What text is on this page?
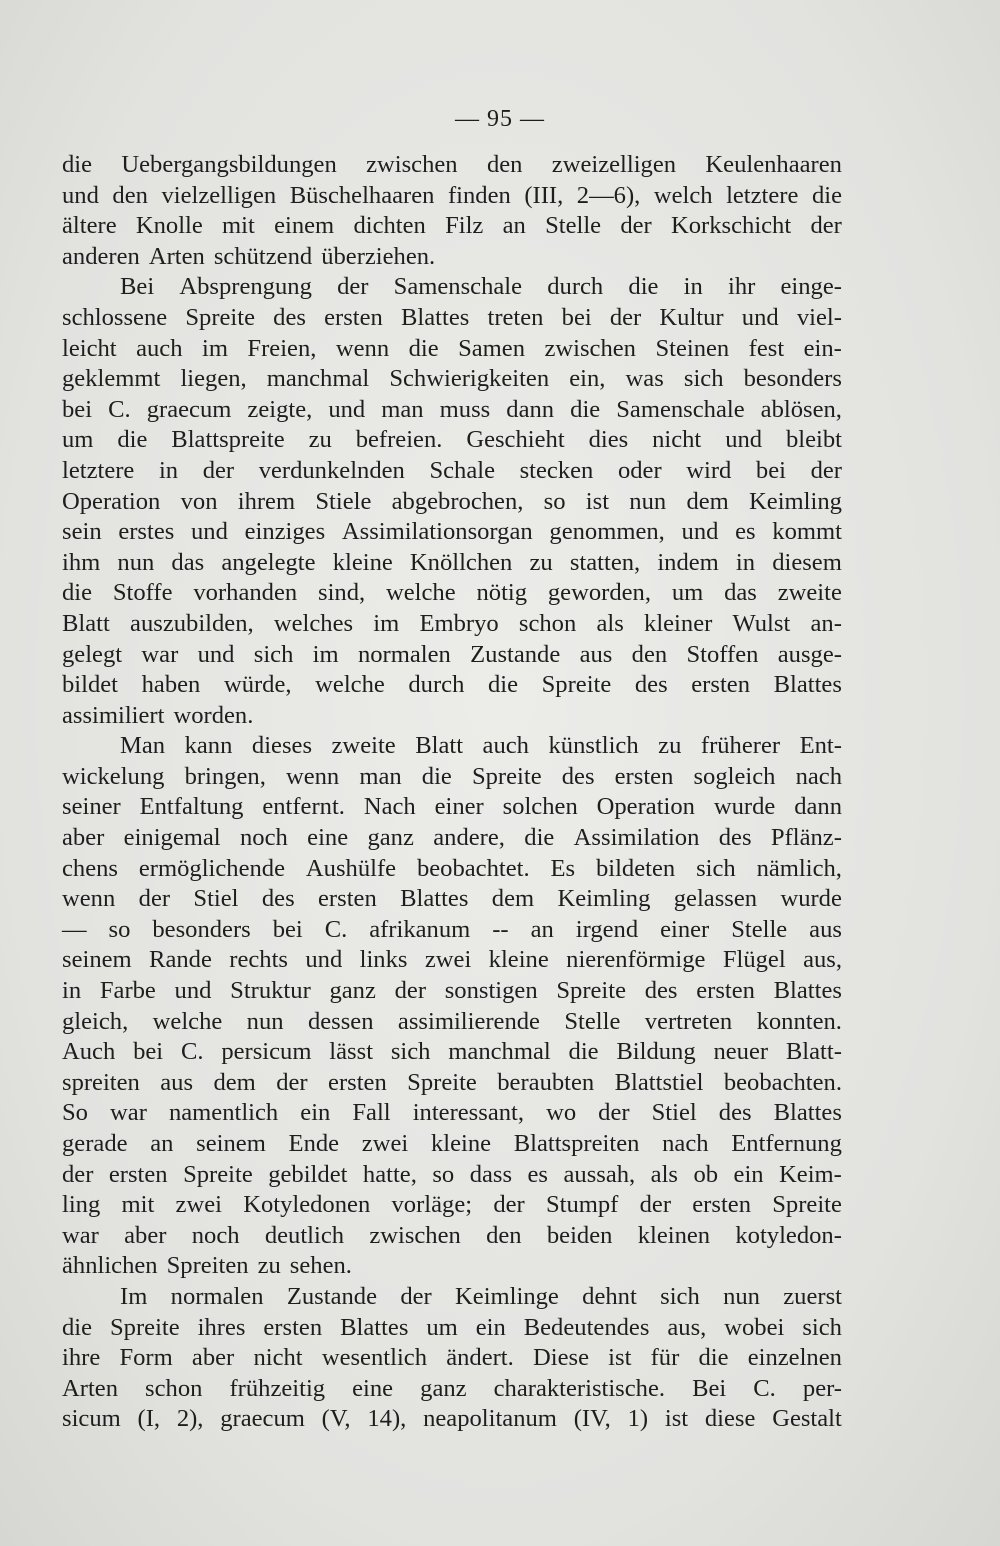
— 95 —
die Uebergangsbildungen zwischen den zweizelligen Keulenhaaren
und den vielzelligen Büschelhaaren finden (III, 2—6), welch letztere die
ältere Knolle mit einem dichten Filz an Stelle der Korkschicht der
anderen Arten schützend überziehen.
Bei Absprengung der Samenschale durch die in ihr einge-
schlossene Spreite des ersten Blattes treten bei der Kultur und viel-
leicht auch im Freien, wenn die Samen zwischen Steinen fest ein-
geklemmt liegen, manchmal Schwierigkeiten ein, was sich besonders
bei C. graecum zeigte, und man muss dann die Samenschale ablösen,
um die Blattspreite zu befreien. Geschieht dies nicht und bleibt
letztere in der verdunkelnden Schale stecken oder wird bei der
Operation von ihrem Stiele abgebrochen, so ist nun dem Keimling
sein erstes und einziges Assimilationsorgan genommen, und es kommt
ihm nun das angelegte kleine Knöllchen zu statten, indem in diesem
die Stoffe vorhanden sind, welche nötig geworden, um das zweite
Blatt auszubilden, welches im Embryo schon als kleiner Wulst an-
gelegt war und sich im normalen Zustande aus den Stoffen ausge-
bildet haben würde, welche durch die Spreite des ersten Blattes
assimiliert worden.
Man kann dieses zweite Blatt auch künstlich zu früherer Ent-
wickelung bringen, wenn man die Spreite des ersten sogleich nach
seiner Entfaltung entfernt. Nach einer solchen Operation wurde dann
aber einigemal noch eine ganz andere, die Assimilation des Pflänz-
chens ermöglichende Aushülfe beobachtet. Es bildeten sich nämlich,
wenn der Stiel des ersten Blattes dem Keimling gelassen wurde
— so besonders bei C. afrikanum -- an irgend einer Stelle aus
seinem Rande rechts und links zwei kleine nierenförmige Flügel aus,
in Farbe und Struktur ganz der sonstigen Spreite des ersten Blattes
gleich, welche nun dessen assimilierende Stelle vertreten konnten.
Auch bei C. persicum lässt sich manchmal die Bildung neuer Blatt-
spreiten aus dem der ersten Spreite beraubten Blattstiel beobachten.
So war namentlich ein Fall interessant, wo der Stiel des Blattes
gerade an seinem Ende zwei kleine Blattspreiten nach Entfernung
der ersten Spreite gebildet hatte, so dass es aussah, als ob ein Keim-
ling mit zwei Kotyledonen vorläge; der Stumpf der ersten Spreite
war aber noch deutlich zwischen den beiden kleinen kotyledon-
ähnlichen Spreiten zu sehen.
Im normalen Zustande der Keimlinge dehnt sich nun zuerst
die Spreite ihres ersten Blattes um ein Bedeutendes aus, wobei sich
ihre Form aber nicht wesentlich ändert. Diese ist für die einzelnen
Arten schon frühzeitig eine ganz charakteristische. Bei C. per-
sicum (I, 2), graecum (V, 14), neapolitanum (IV, 1) ist diese Gestalt
